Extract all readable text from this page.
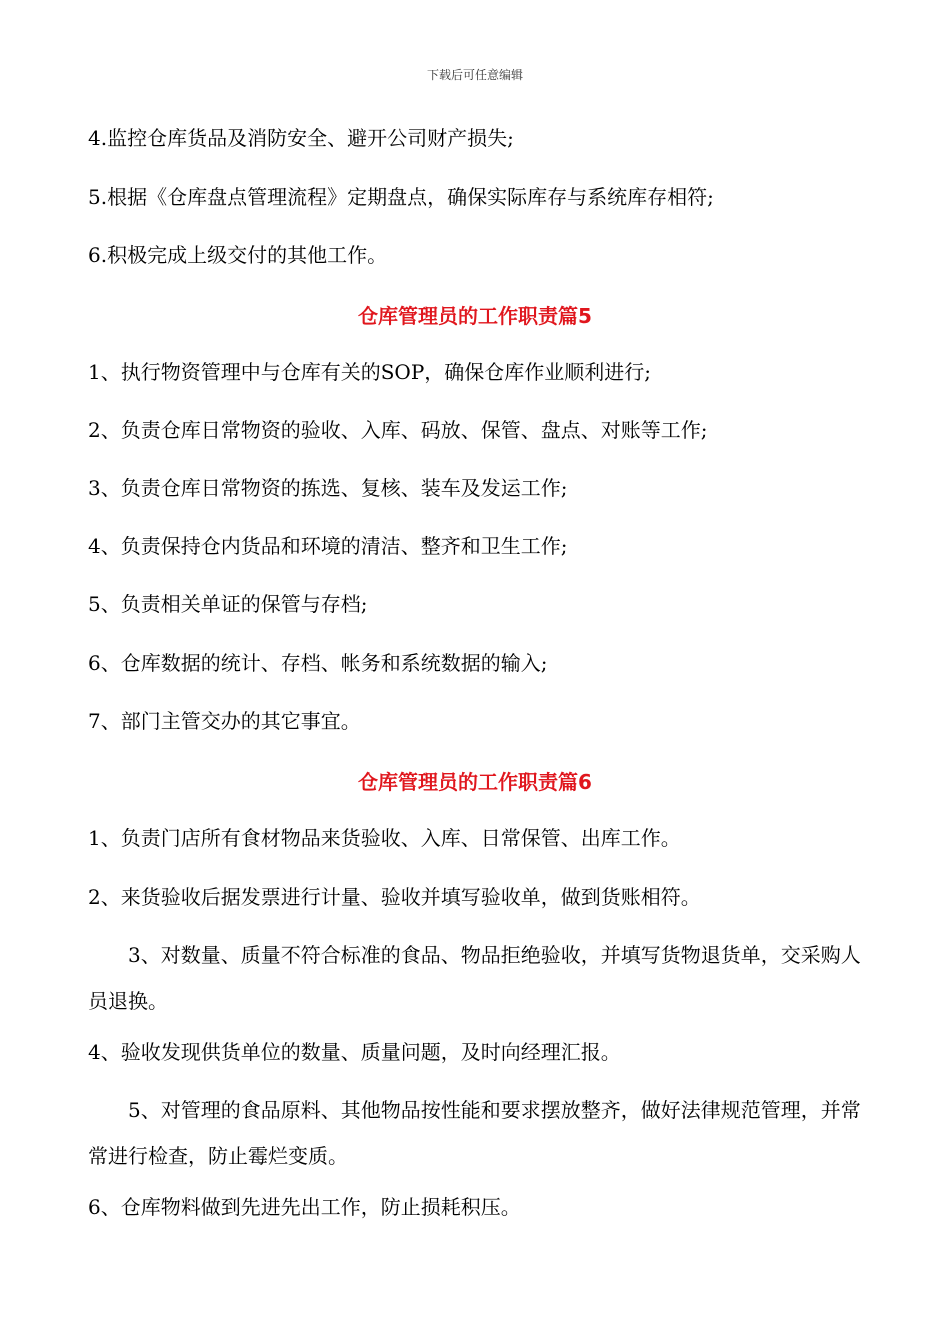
下载后可任意编辑
4.监控仓库货品及消防安全、避开公司财产损失;
5.根据《仓库盘点管理流程》定期盘点，确保实际库存与系统库存相符;
6.积极完成上级交付的其他工作。
仓库管理员的工作职责篇5
1、执行物资管理中与仓库有关的SOP，确保仓库作业顺利进行;
2、负责仓库日常物资的验收、入库、码放、保管、盘点、对账等工作;
3、负责仓库日常物资的拣选、复核、装车及发运工作;
4、负责保持仓内货品和环境的清洁、整齐和卫生工作;
5、负责相关单证的保管与存档;
6、仓库数据的统计、存档、帐务和系统数据的输入;
7、部门主管交办的其它事宜。
仓库管理员的工作职责篇6
1、负责门店所有食材物品来货验收、入库、日常保管、出库工作。
2、来货验收后据发票进行计量、验收并填写验收单，做到货账相符。
3、对数量、质量不符合标准的食品、物品拒绝验收，并填写货物退货单，交采购人员退换。
4、验收发现供货单位的数量、质量问题，及时向经理汇报。
5、对管理的食品原料、其他物品按性能和要求摆放整齐，做好法律规范管理，并常常进行检查，防止霉烂变质。
6、仓库物料做到先进先出工作，防止损耗积压。
